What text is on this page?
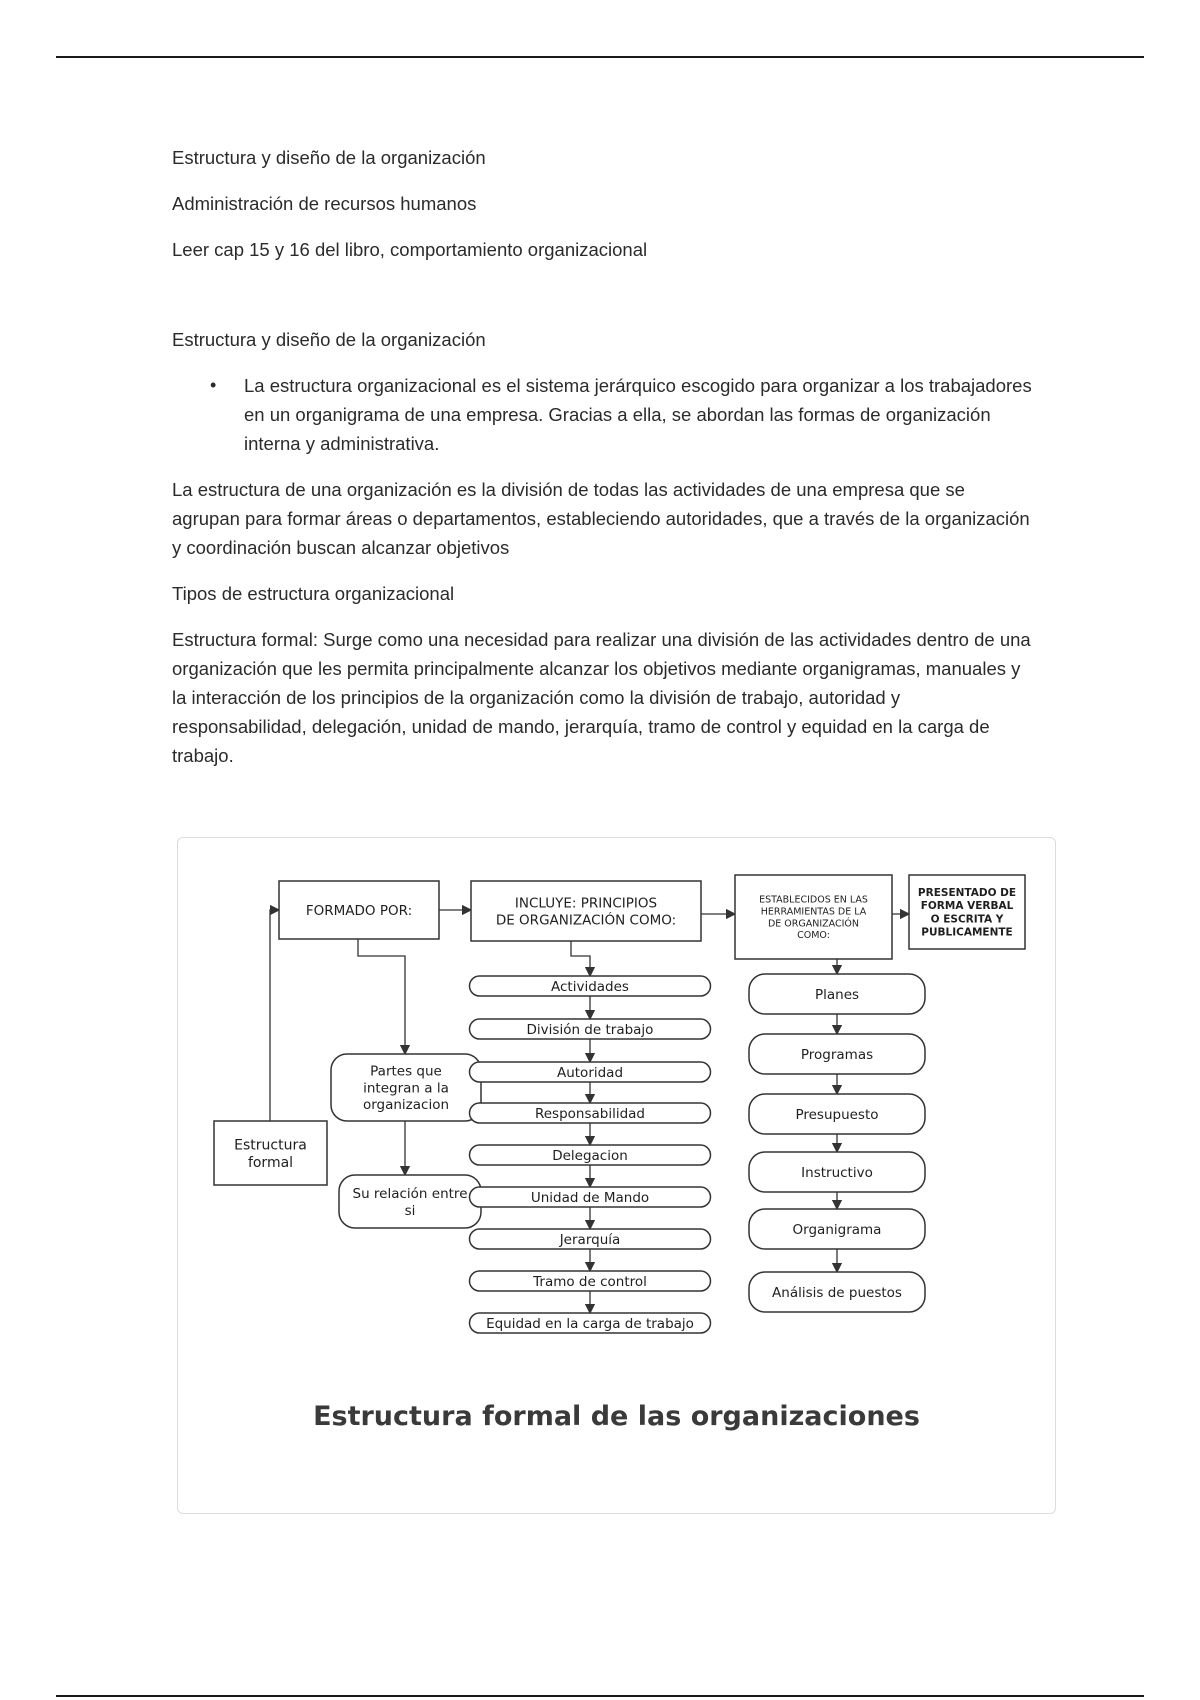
Estructura y diseño de la organización

Administración de recursos humanos

Leer cap 15 y 16 del libro, comportamiento organizacional

Estructura y diseño de la organización

• La estructura organizacional es el sistema jerárquico escogido para organizar a los trabajadores en un organigrama de una empresa. Gracias a ella, se abordan las formas de organización interna y administrativa.

La estructura de una organización es la división de todas las actividades de una empresa que se agrupan para formar áreas o departamentos, estableciendo autoridades, que a través de la organización y coordinación buscan alcanzar objetivos

Tipos de estructura organizacional

Estructura formal: Surge como una necesidad para realizar una división de las actividades dentro de una organización que les permita principalmente alcanzar los objetivos mediante organigramas, manuales y la interacción de los principios de la organización como la división de trabajo, autoridad y responsabilidad, delegación, unidad de mando, jerarquía, tramo de control y equidad en la carga de trabajo.

FORMADO POR:	INCLUYE: PRINCIPIOS
DE ORGANIZACIÓN COMO:
ESTABLECIDOS EN LAS
HERRAMIENTAS DE LA
DE ORGANIZACIÓN
COMO:
PRESENTADO DE
FORMA VERBAL
O ESCRITA Y
PUBLICAMENTE
Estructura
formal
Partes que
integran a la
organizacion
Su relación entre
si
Actividades
División de trabajo
Autoridad
Responsabilidad
Delegacion
Unidad de Mando
Jerarquía
Tramo de control
Equidad en la carga de trabajo
Planes
Programas
Presupuesto
Instructivo
Organigrama
Análisis de puestos
Estructura formal de las organizaciones
